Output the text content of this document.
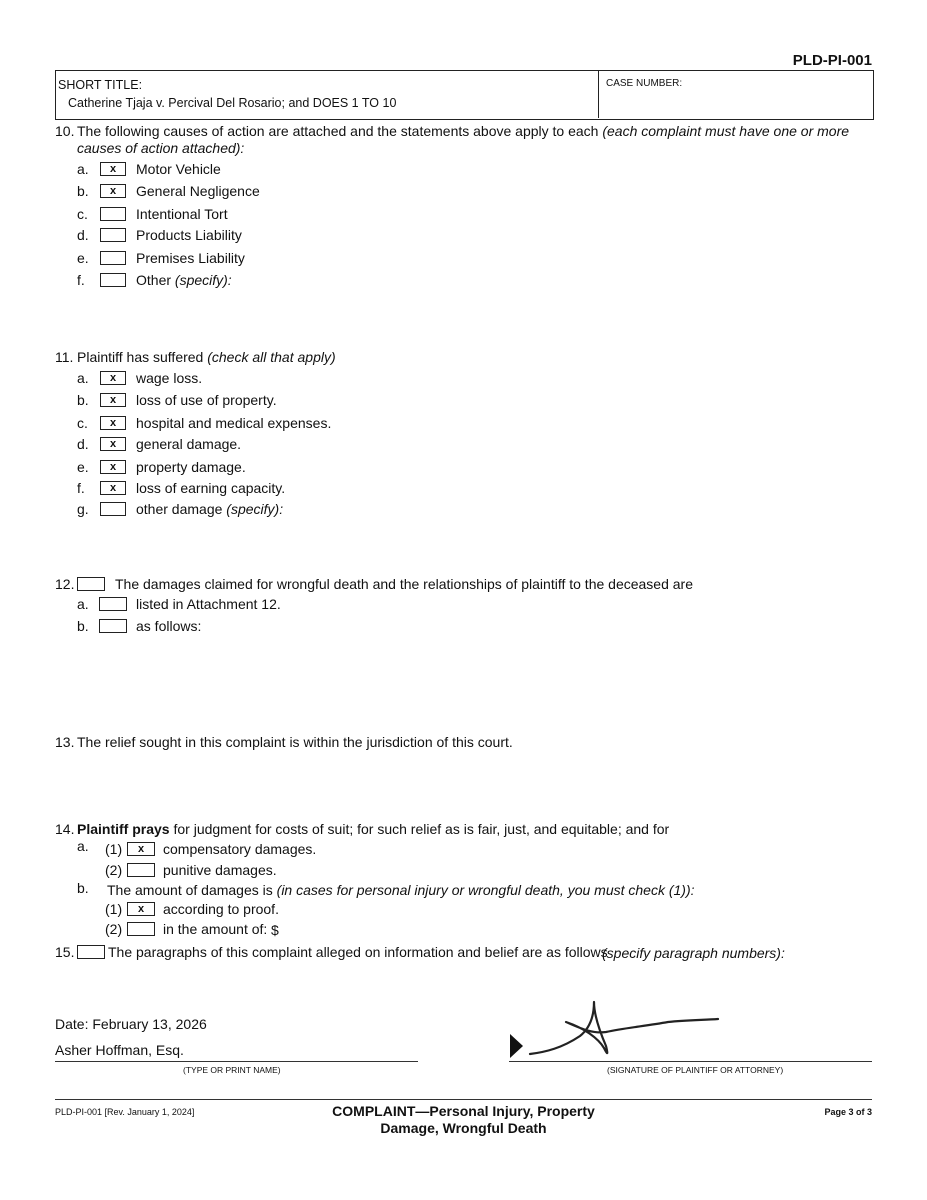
PLD-PI-001
SHORT TITLE:
Catherine Tjaja v. Percival Del Rosario; and DOES 1 TO 10
CASE NUMBER:
10. The following causes of action are attached and the statements above apply to each (each complaint must have one or more
causes of action attached):
a.	x	Motor Vehicle
b.	x	General Negligence
c.	Intentional Tort
d.	Products Liability
e.	Premises Liability
f.	Other (specify):
11. Plaintiff has suffered (check all that apply)
a.	x	wage loss.
b.	x	loss of use of property.
c.	x	hospital and medical expenses.
d.	x	general damage.
e.	x	property damage.
f.	x	loss of earning capacity.
g.	other damage (specify):
12.	The damages claimed for wrongful death and the relationships of plaintiff to the deceased are
a.	listed in Attachment 12.
b.	as follows:
13. The relief sought in this complaint is within the jurisdiction of this court.
14. Plaintiff prays for judgment for costs of suit; for such relief as is fair, just, and equitable; and for
a. (1)	x	compensatory damages.
(2)	punitive damages.
b. The amount of damages is (in cases for personal injury or wrongful death, you must check (1)):
(1)	x	according to proof.
(2)	in the amount of: $
15. The paragraphs of this complaint alleged on information and belief are as follows
(specify paragraph numbers):
Date: February 13, 2026
Asher Hoffman, Esq.
(TYPE OR PRINT NAME)	(SIGNATURE OF PLAINTIFF OR ATTORNEY)
PLD-PI-001 [Rev. January 1, 2024]	COMPLAINT—Personal Injury, Property
Damage, Wrongful Death
Page 3 of 3
